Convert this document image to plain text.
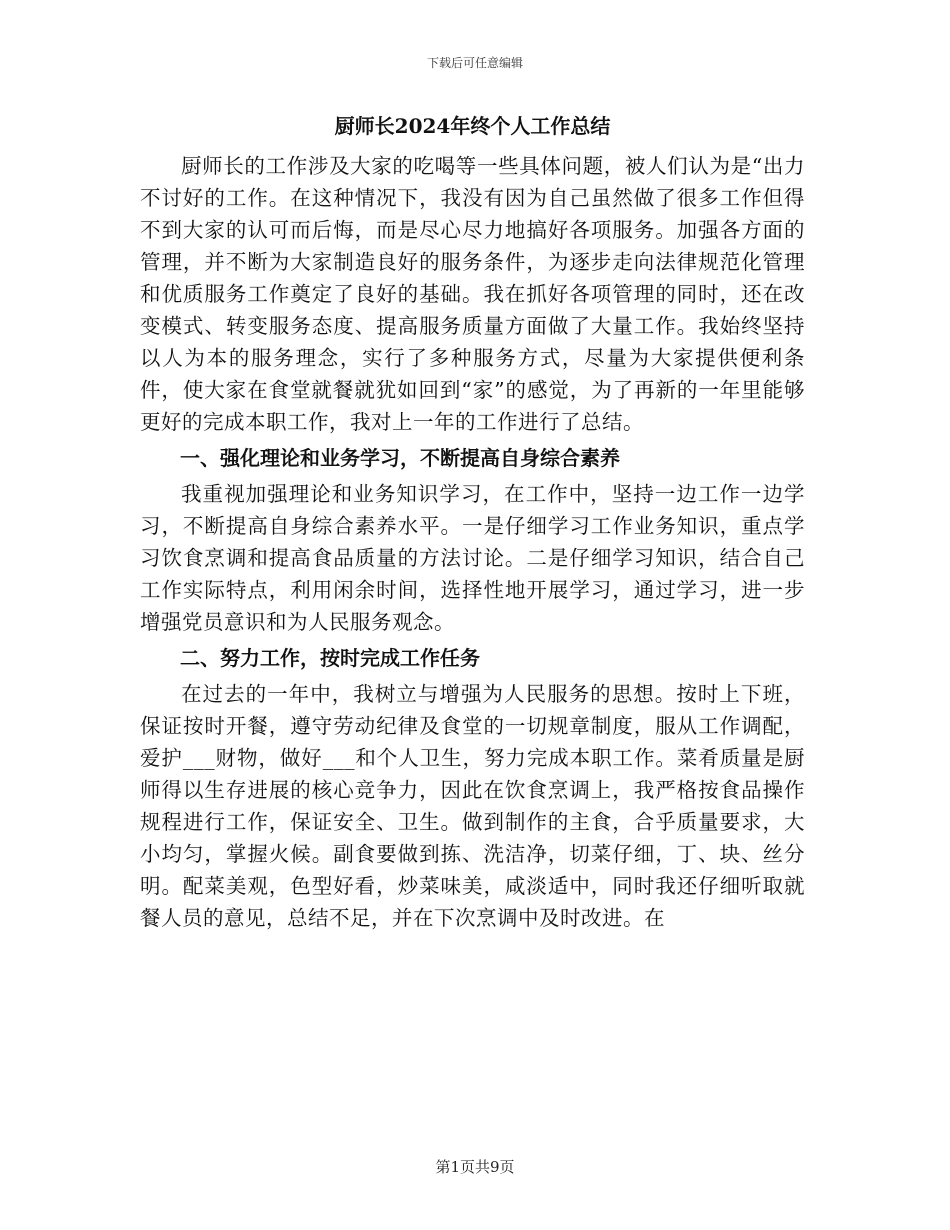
下载后可任意编辑
厨师长2024年终个人工作总结

厨师长的工作涉及大家的吃喝等一些具体问题，被人们认为是“出力不讨好的工作。在这种情况下，我没有因为自己虽然做了很多工作但得不到大家的认可而后悔，而是尽心尽力地搞好各项服务。加强各方面的管理，并不断为大家制造良好的服务条件，为逐步走向法律规范化管理和优质服务工作奠定了良好的基础。我在抓好各项管理的同时，还在改变模式、转变服务态度、提高服务质量方面做了大量工作。我始终坚持以人为本的服务理念，实行了多种服务方式，尽量为大家提供便利条件，使大家在食堂就餐就犹如回到“家”的感觉，为了再新的一年里能够更好的完成本职工作，我对上一年的工作进行了总结。

一、强化理论和业务学习，不断提高自身综合素养

我重视加强理论和业务知识学习，在工作中，坚持一边工作一边学习，不断提高自身综合素养水平。一是仔细学习工作业务知识，重点学习饮食烹调和提高食品质量的方法讨论。二是仔细学习知识，结合自己工作实际特点，利用闲余时间，选择性地开展学习，通过学习，进一步增强党员意识和为人民服务观念。

二、努力工作，按时完成工作任务

在过去的一年中，我树立与增强为人民服务的思想。按时上下班，保证按时开餐，遵守劳动纪律及食堂的一切规章制度，服从工作调配，爱护___财物，做好___和个人卫生，努力完成本职工作。菜肴质量是厨师得以生存进展的核心竞争力，因此在饮食烹调上，我严格按食品操作规程进行工作，保证安全、卫生。做到制作的主食，合乎质量要求，大小均匀，掌握火候。副食要做到拣、洗洁净，切菜仔细，丁、块、丝分明。配菜美观，色型好看，炒菜味美，咸淡适中，同时我还仔细听取就餐人员的意见，总结不足，并在下次烹调中及时改进。在

第1页共9页
